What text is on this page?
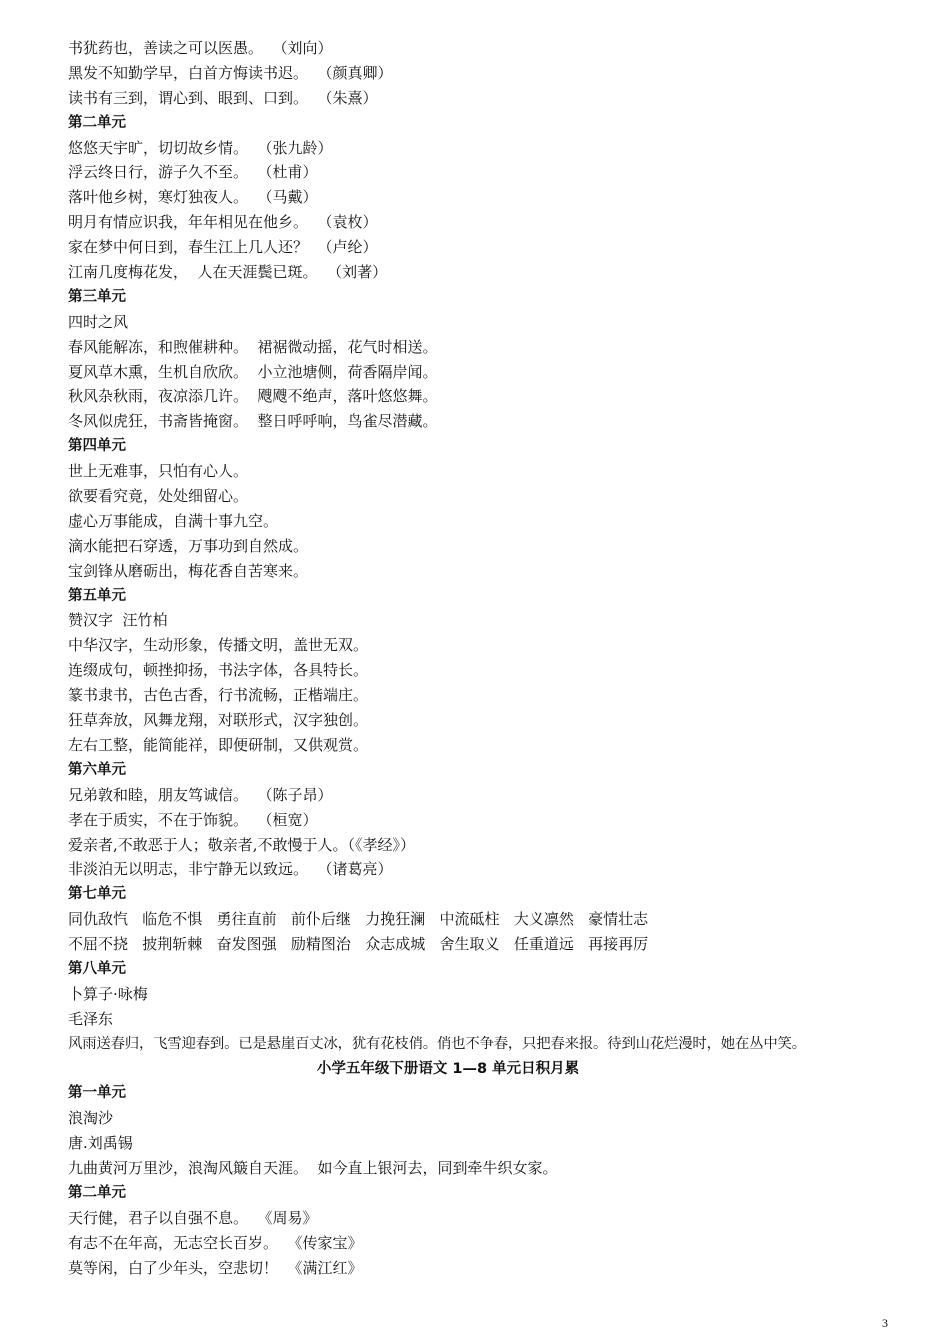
书犹药也，善读之可以医愚。  （刘向）
黑发不知勤学早，白首方悔读书迟。  （颜真卿）
读书有三到，谓心到、眼到、口到。  （朱熹）
第二单元
悠悠天宇旷，切切故乡情。  （张九龄）
浮云终日行，游子久不至。  （杜甫）
落叶他乡树，寒灯独夜人。  （马戴）
明月有情应识我，年年相见在他乡。  （袁枚）
家在梦中何日到，春生江上几人还？  （卢纶）
江南几度梅花发，  人在天涯鬓已斑。  （刘著）
第三单元
四时之风
春风能解冻，和煦催耕种。  裙裾微动摇，花气时相送。
夏风草木熏，生机自欣欣。  小立池塘侧，荷香隔岸闻。
秋风杂秋雨，夜凉添几许。  飕飕不绝声，落叶悠悠舞。
冬风似虎狂，书斋皆掩窗。  整日呼呼响，鸟雀尽潜藏。
第四单元
世上无难事，只怕有心人。
欲要看究竟，处处细留心。
虚心万事能成，自满十事九空。
滴水能把石穿透，万事功到自然成。
宝剑锋从磨砺出，梅花香自苦寒来。
第五单元
赞汉字  汪竹柏
中华汉字，生动形象，传播文明，盖世无双。
连缀成句，顿挫抑扬，书法字体，各具特长。
篆书隶书，古色古香，行书流畅，正楷端庄。
狂草奔放，风舞龙翔，对联形式，汉字独创。
左右工整，能简能祥，即便研制，又供观赏。
第六单元
兄弟敦和睦，朋友笃诚信。  （陈子昂）
孝在于质实，不在于饰貌。  （桓宽）
爱亲者,不敢恶于人；敬亲者,不敢慢于人。（《孝经》）
非淡泊无以明志，非宁静无以致远。  （诸葛亮）
第七单元
同仇敌忾   临危不惧   勇往直前   前仆后继   力挽狂澜   中流砥柱   大义凛然   豪情壮志
不屈不挠   披荆斩棘   奋发图强   励精图治   众志成城   舍生取义   任重道远   再接再厉
第八单元
卜算子·咏梅
毛泽东
风雨送春归，飞雪迎春到。已是悬崖百丈冰，犹有花枝俏。俏也不争春，只把春来报。待到山花烂漫时，她在丛中笑。
小学五年级下册语文 1—8 单元日积月累
第一单元
浪淘沙
唐.刘禹锡
九曲黄河万里沙，浪淘风簸自天涯。  如今直上银河去，同到牵牛织女家。
第二单元
天行健，君子以自强不息。  《周易》
有志不在年高，无志空长百岁。  《传家宝》
莫等闲，白了少年头，空悲切！  《满江红》
3
